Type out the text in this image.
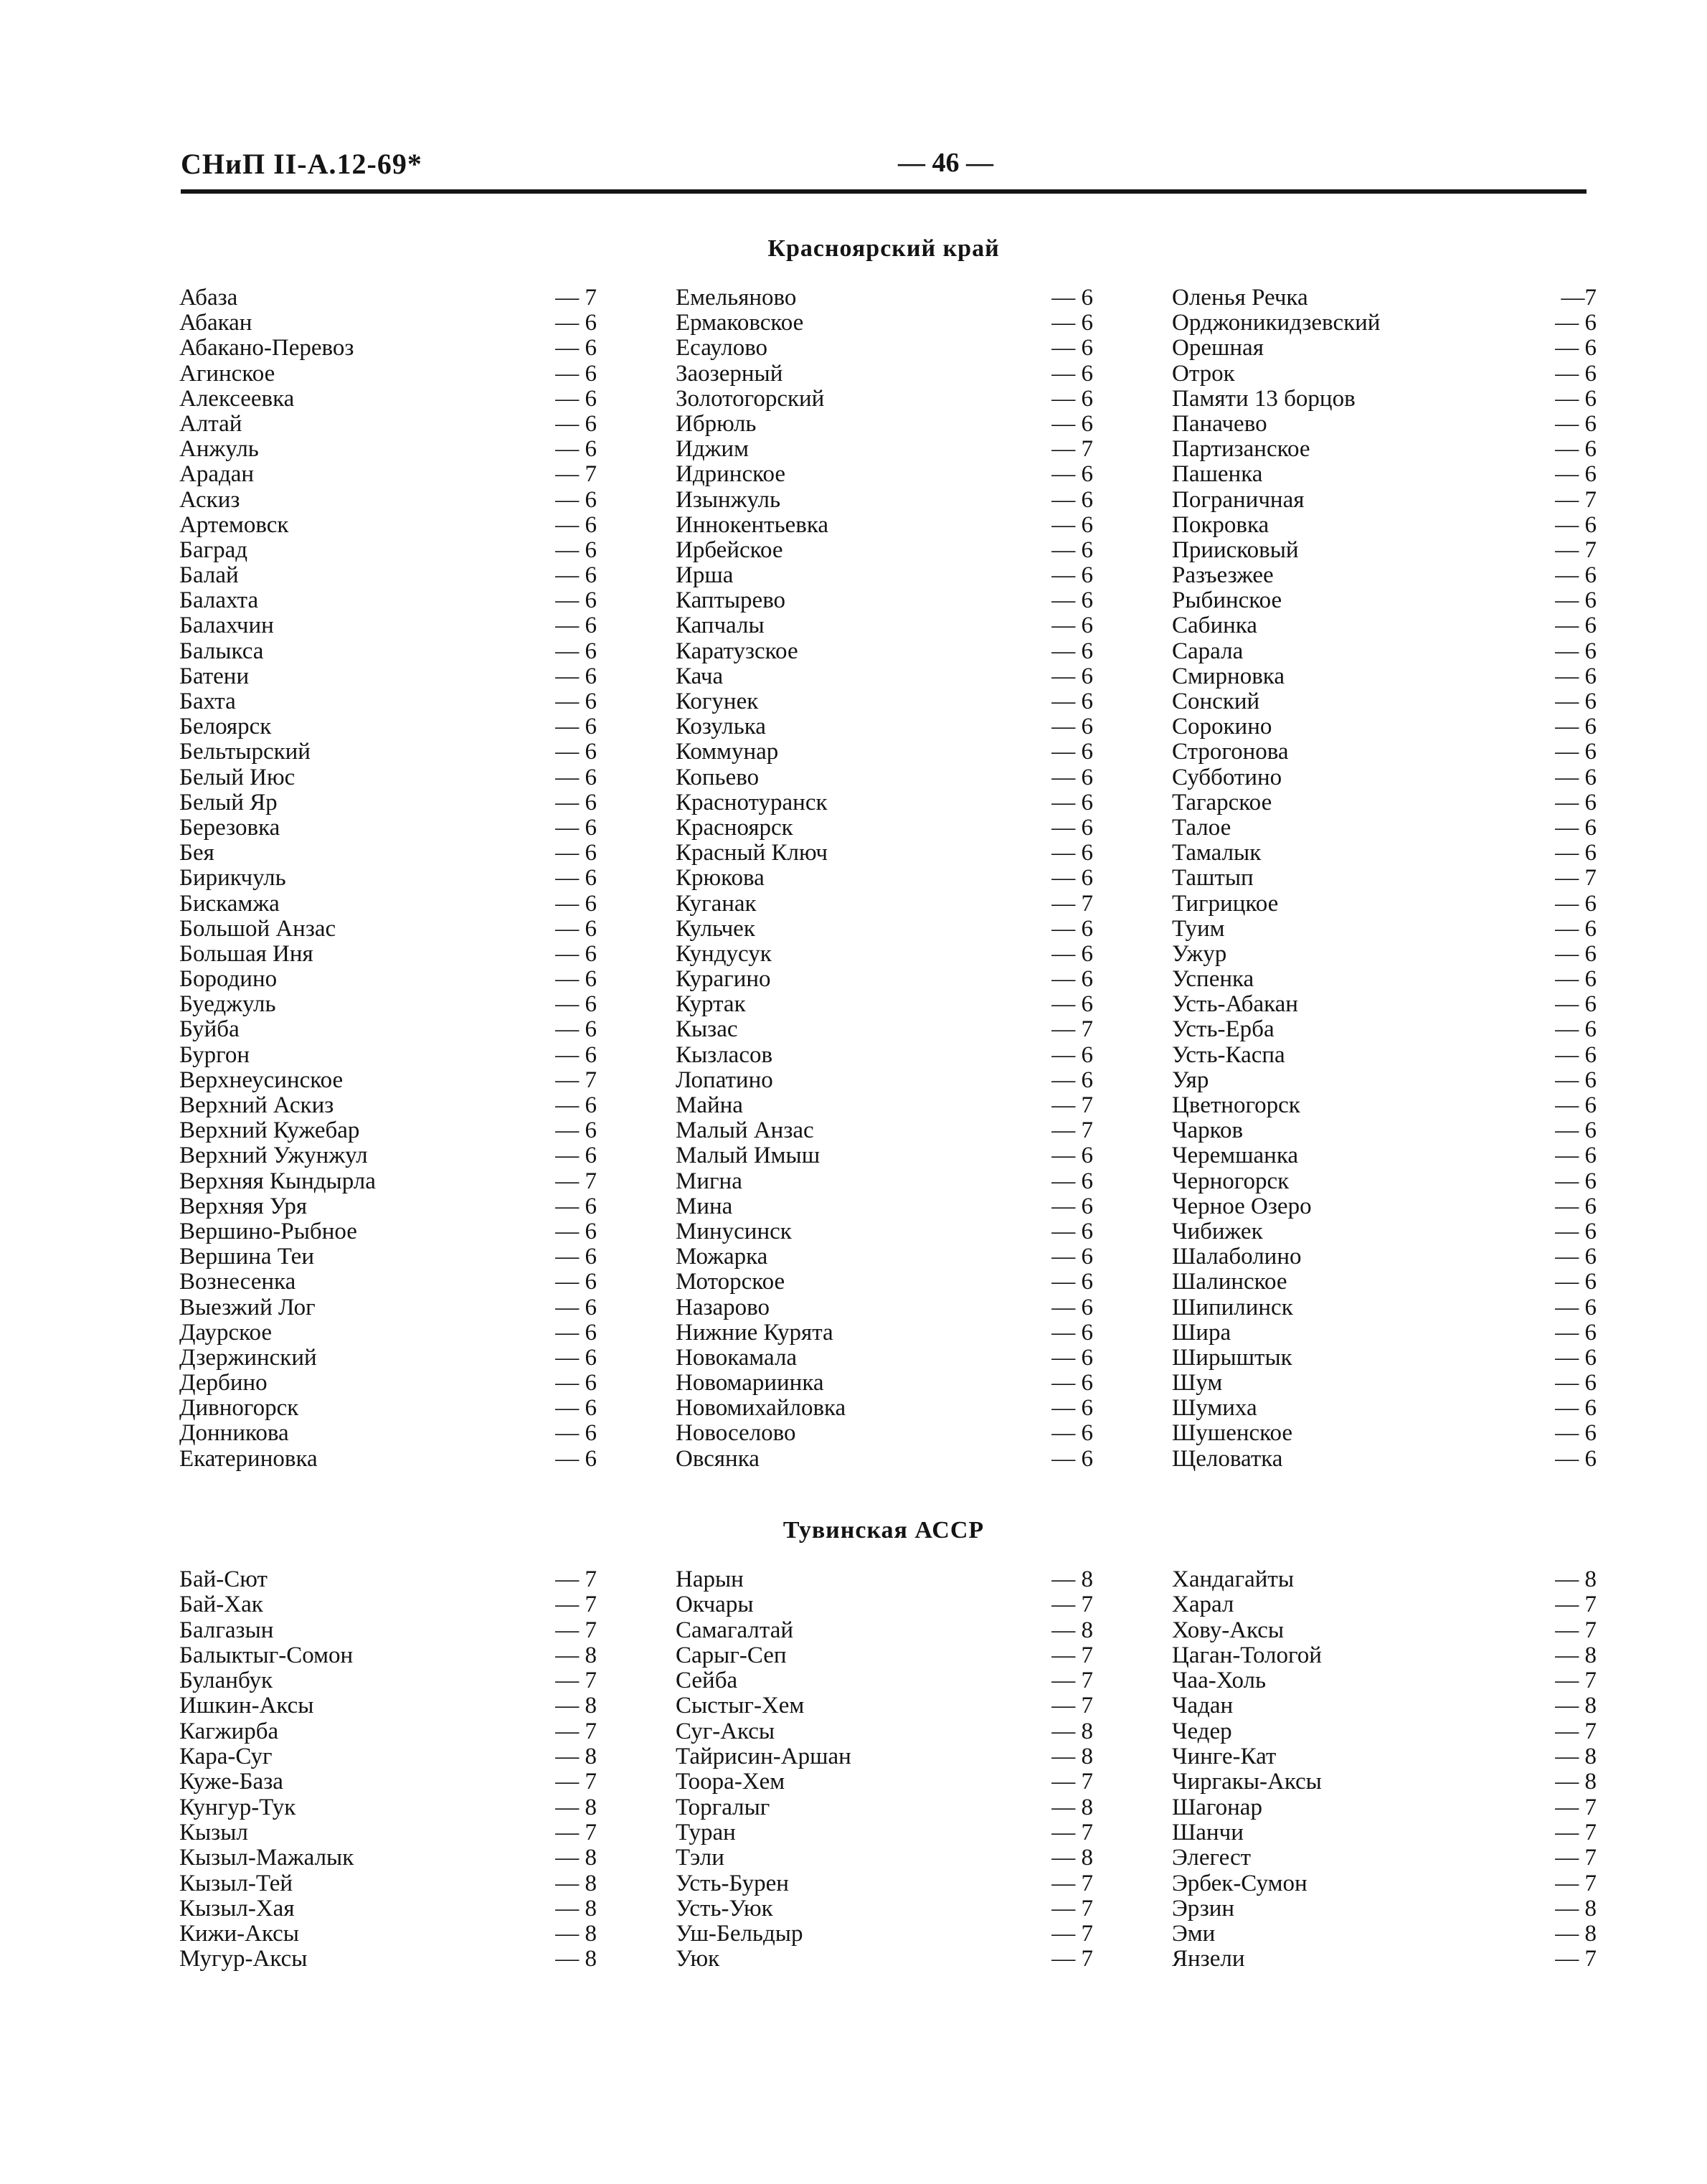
СНиП II-А.12-69*	— 46 —
Красноярский край
Абаза	— 7
Абакан	— 6
Абакано-Перевоз	— 6
Агинское	— 6
Алексеевка	— 6
Алтай	— 6
Анжуль	— 6
Арадан	— 7
Аскиз	— 6
Артемовск	— 6
Баград	— 6
Балай	— 6
Балахта	— 6
Балахчин	— 6
Балыкса	— 6
Батени	— 6
Бахта	— 6
Белоярск	— 6
Бельтырский	— 6
Белый Июс	— 6
Белый Яр	— 6
Березовка	— 6
Бея	— 6
Бирикчуль	— 6
Бискамжа	— 6
Большой Анзас	— 6
Большая Иня	— 6
Бородино	— 6
Буеджуль	— 6
Буйба	— 6
Бургон	— 6
Верхнеусинское	— 7
Верхний Аскиз	— 6
Верхний Кужебар	— 6
Верхний Ужунжул	— 6
Верхняя Кындырла	— 7
Верхняя Уря	— 6
Вершино-Рыбное	— 6
Вершина Теи	— 6
Вознесенка	— 6
Выезжий Лог	— 6
Даурское	— 6
Дзержинский	— 6
Дербино	— 6
Дивногорск	— 6
Донникова	— 6
Екатериновка	— 6
Емельяново	— 6
Ермаковское	— 6
Есаулово	— 6
Заозерный	— 6
Золотогорский	— 6
Ибрюль	— 6
Иджим	— 7
Идринское	— 6
Изынжуль	— 6
Иннокентьевка	— 6
Ирбейское	— 6
Ирша	— 6
Каптырево	— 6
Капчалы	— 6
Каратузское	— 6
Кача	— 6
Когунек	— 6
Козулька	— 6
Коммунар	— 6
Копьево	— 6
Краснотуранск	— 6
Красноярск	— 6
Красный Ключ	— 6
Крюкова	— 6
Куганак	— 7
Кульчек	— 6
Кундусук	— 6
Курагино	— 6
Куртак	— 6
Кызас	— 7
Кызласов	— 6
Лопатино	— 6
Майна	— 7
Малый Анзас	— 7
Малый Имыш	— 6
Мигна	— 6
Мина	— 6
Минусинск	— 6
Можарка	— 6
Моторское	— 6
Назарово	— 6
Нижние Курята	— 6
Новокамала	— 6
Новомариинка	— 6
Новомихайловка	— 6
Новоселово	— 6
Овсянка	— 6
Оленья Речка	—7
Орджоникидзевский	— 6
Орешная	— 6
Отрок	— 6
Памяти 13 борцов	— 6
Паначево	— 6
Партизанское	— 6
Пашенка	— 6
Пограничная	— 7
Покровка	— 6
Приисковый	— 7
Разъезжее	— 6
Рыбинское	— 6
Сабинка	— 6
Сарала	— 6
Смирновка	— 6
Сонский	— 6
Сорокино	— 6
Строгонова	— 6
Субботино	— 6
Тагарское	— 6
Талое	— 6
Тамалык	— 6
Таштып	— 7
Тигрицкое	— 6
Туим	— 6
Ужур	— 6
Успенка	— 6
Усть-Абакан	— 6
Усть-Ерба	— 6
Усть-Каспа	— 6
Уяр	— 6
Цветногорск	— 6
Чарков	— 6
Черемшанка	— 6
Черногорск	— 6
Черное Озеро	— 6
Чибижек	— 6
Шалаболино	— 6
Шалинское	— 6
Шипилинск	— 6
Шира	— 6
Ширыштык	— 6
Шум	— 6
Шумиха	— 6
Шушенское	— 6
Щеловатка	— 6
Тувинская АССР
Бай-Сют	— 7
Бай-Хак	— 7
Балгазын	— 7
Балыктыг-Сомон	— 8
Буланбук	— 7
Ишкин-Аксы	— 8
Кагжирба	— 7
Кара-Суг	— 8
Куже-База	— 7
Кунгур-Тук	— 8
Кызыл	— 7
Кызыл-Мажалык	— 8
Кызыл-Тей	— 8
Кызыл-Хая	— 8
Кижи-Аксы	— 8
Мугур-Аксы	— 8
Нарын	— 8
Окчары	— 7
Самагалтай	— 8
Сарыг-Сеп	— 7
Сейба	— 7
Сыстыг-Хем	— 7
Суг-Аксы	— 8
Тайрисин-Аршан	— 8
Тоора-Хем	— 7
Торгалыг	— 8
Туран	— 7
Тэли	— 8
Усть-Бурен	— 7
Усть-Уюк	— 7
Уш-Бельдыр	— 7
Уюк	— 7
Хандагайты	— 8
Харал	— 7
Хову-Аксы	— 7
Цаган-Тологой	— 8
Чаа-Холь	— 7
Чадан	— 8
Чедер	— 7
Чинге-Кат	— 8
Чиргакы-Аксы	— 8
Шагонар	— 7
Шанчи	— 7
Элегест	— 7
Эрбек-Сумон	— 7
Эрзин	— 8
Эми	— 8
Янзели	— 7
